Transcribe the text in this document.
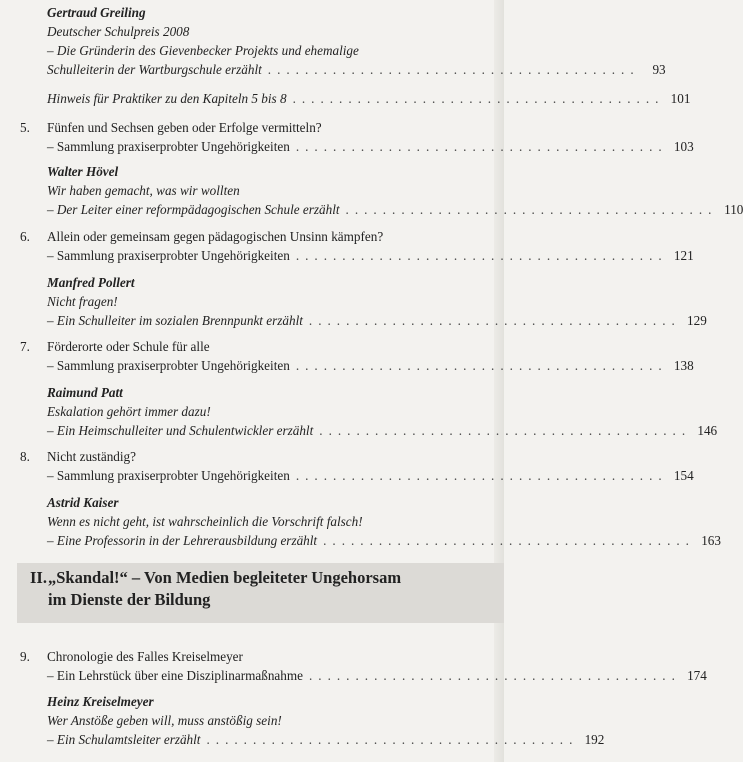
Gertraud Greiling
Deutscher Schulpreis 2008
– Die Gründerin des Gievenbecker Projekts und ehemalige
Schulleiterin der Wartburgschule erzählt ........................................ 93
Hinweis für Praktiker zu den Kapiteln 5 bis 8 ........................................ 101
5. Fünfen und Sechsen geben oder Erfolge vermitteln?
– Sammlung praxiserprobter Ungehörigkeiten ........................................ 103
Walter Hövel
Wir haben gemacht, was wir wollten
– Der Leiter einer reformpädagogischen Schule erzählt ........................................ 110
6. Allein oder gemeinsam gegen pädagogischen Unsinn kämpfen?
– Sammlung praxiserprobter Ungehörigkeiten ........................................ 121
Manfred Pollert
Nicht fragen!
– Ein Schulleiter im sozialen Brennpunkt erzählt ........................................ 129
7. Förderorte oder Schule für alle
– Sammlung praxiserprobter Ungehörigkeiten ........................................ 138
Raimund Patt
Eskalation gehört immer dazu!
– Ein Heimschulleiter und Schulentwickler erzählt ........................................ 146
8. Nicht zuständig?
– Sammlung praxiserprobter Ungehörigkeiten ........................................ 154
Astrid Kaiser
Wenn es nicht geht, ist wahrscheinlich die Vorschrift falsch!
– Eine Professorin in der Lehrerausbildung erzählt ........................................ 163
II. „Skandal!“ – Von Medien begleiteter Ungehorsam
im Dienste der Bildung
9. Chronologie des Falles Kreiselmeyer
– Ein Lehrstück über eine Disziplinarmaßnahme ........................................ 174
Heinz Kreiselmeyer
Wer Anstöße geben will, muss anstößig sein!
– Ein Schulamtsleiter erzählt ........................................ 192
